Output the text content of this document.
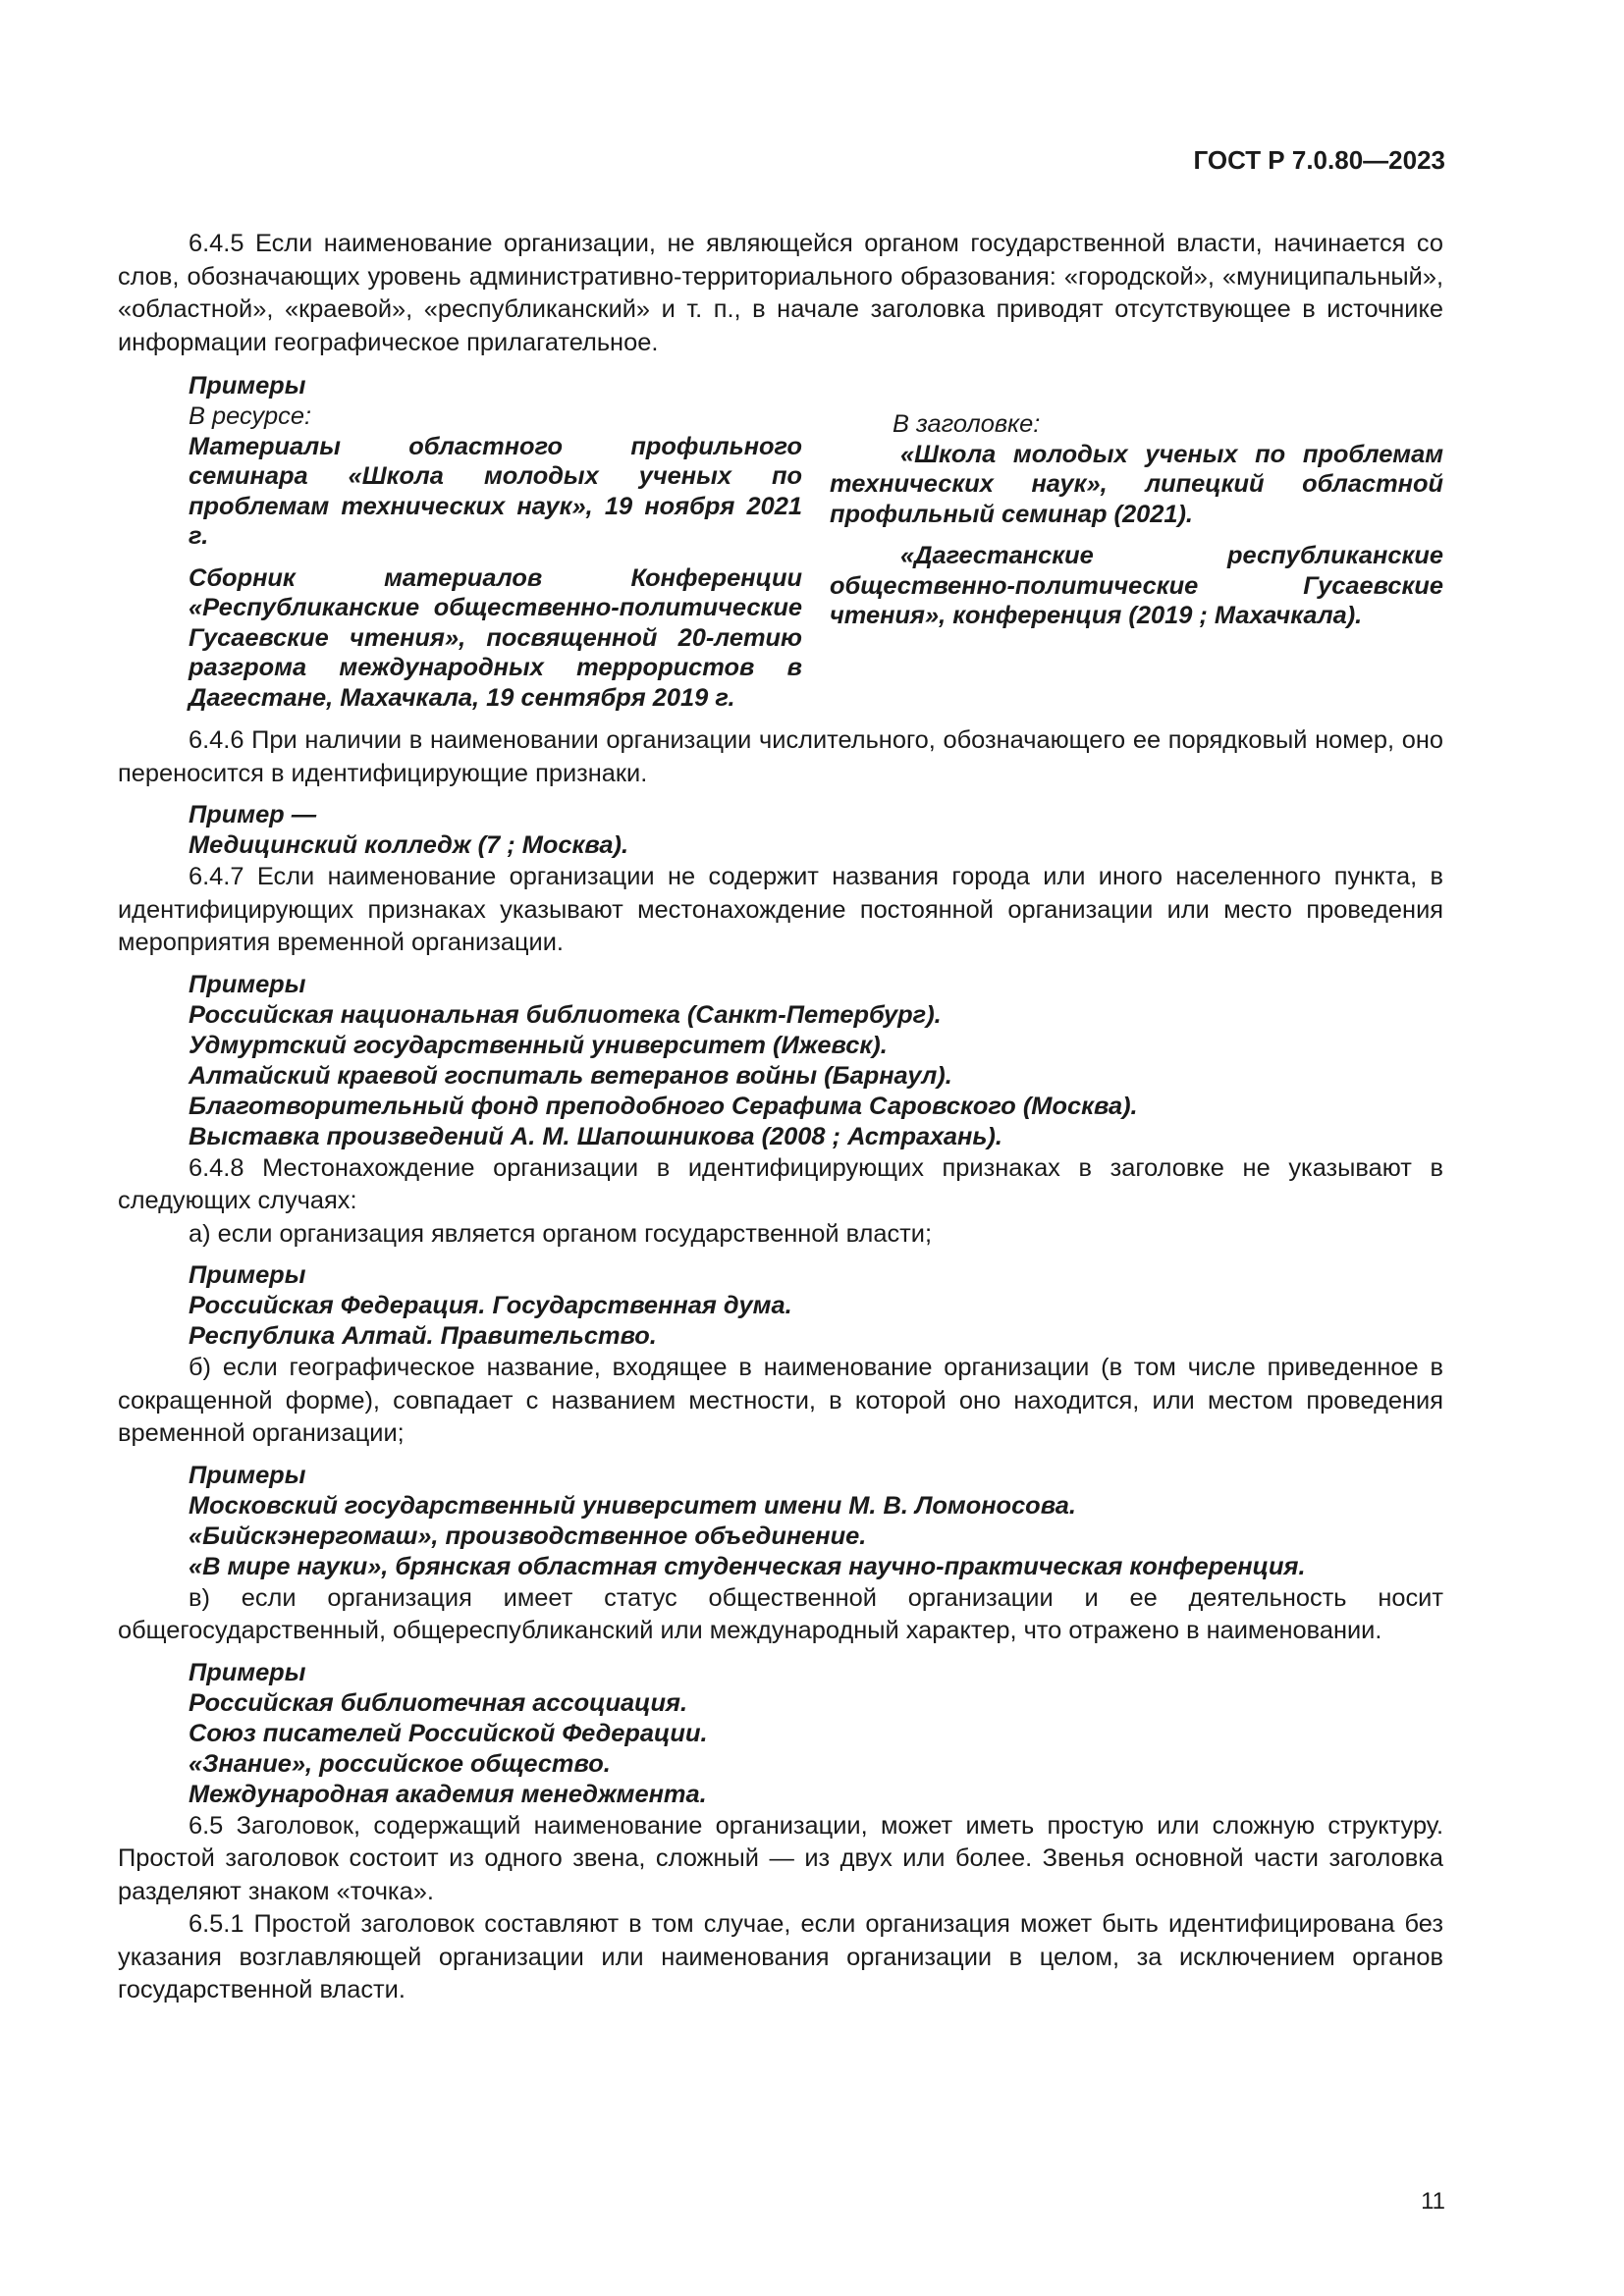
ГОСТ Р 7.0.80—2023

6.4.5 Если наименование организации, не являющейся органом государственной власти, начинается со слов, обозначающих уровень административно-территориального образования: «городской», «муниципальный», «областной», «краевой», «республиканский» и т. п., в начале заголовка приводят отсутствующее в источнике информации географическое прилагательное.

Примеры
В ресурсе:

Материалы областного профильного семинара «Школа молодых ученых по проблемам технических наук», 19 ноября 2021 г.

Сборник материалов Конференции «Республиканские общественно-политические Гусаевские чтения», посвященной 20-летию разгрома международных террористов в Дагестане, Махачкала, 19 сентября 2019 г.

В заголовке:

«Школа молодых ученых по проблемам технических наук», липецкий областной профильный семинар (2021).

«Дагестанские республиканские общественно-политические Гусаевские чтения», конференция (2019 ; Махачкала).

6.4.6 При наличии в наименовании организации числительного, обозначающего ее порядковый номер, оно переносится в идентифицирующие признаки.

Пример —
Медицинский колледж (7 ; Москва).

6.4.7 Если наименование организации не содержит названия города или иного населенного пункта, в идентифицирующих признаках указывают местонахождение постоянной организации или место проведения мероприятия временной организации.

Примеры
Российская национальная библиотека (Санкт-Петербург).
Удмуртский государственный университет (Ижевск).
Алтайский краевой госпиталь ветеранов войны (Барнаул).
Благотворительный фонд преподобного Серафима Саровского (Москва).
Выставка произведений А. М. Шапошникова (2008 ; Астрахань).

6.4.8 Местонахождение организации в идентифицирующих признаках в заголовке не указывают в следующих случаях:

а) если организация является органом государственной власти;

Примеры
Российская Федерация. Государственная дума.
Республика Алтай. Правительство.

б) если географическое название, входящее в наименование организации (в том числе приведенное в сокращенной форме), совпадает с названием местности, в которой оно находится, или местом проведения временной организации;

Примеры
Московский государственный университет имени М. В. Ломоносова.
«Бийскэнергомаш», производственное объединение.
«В мире науки», брянская областная студенческая научно-практическая конференция.

в) если организация имеет статус общественной организации и ее деятельность носит общегосударственный, общереспубликанский или международный характер, что отражено в наименовании.

Примеры
Российская библиотечная ассоциация.
Союз писателей Российской Федерации.
«Знание», российское общество.
Международная академия менеджмента.

6.5 Заголовок, содержащий наименование организации, может иметь простую или сложную структуру. Простой заголовок состоит из одного звена, сложный — из двух или более. Звенья основной части заголовка разделяют знаком «точка».

6.5.1 Простой заголовок составляют в том случае, если организация может быть идентифицирована без указания возглавляющей организации или наименования организации в целом, за исключением органов государственной власти.

11
